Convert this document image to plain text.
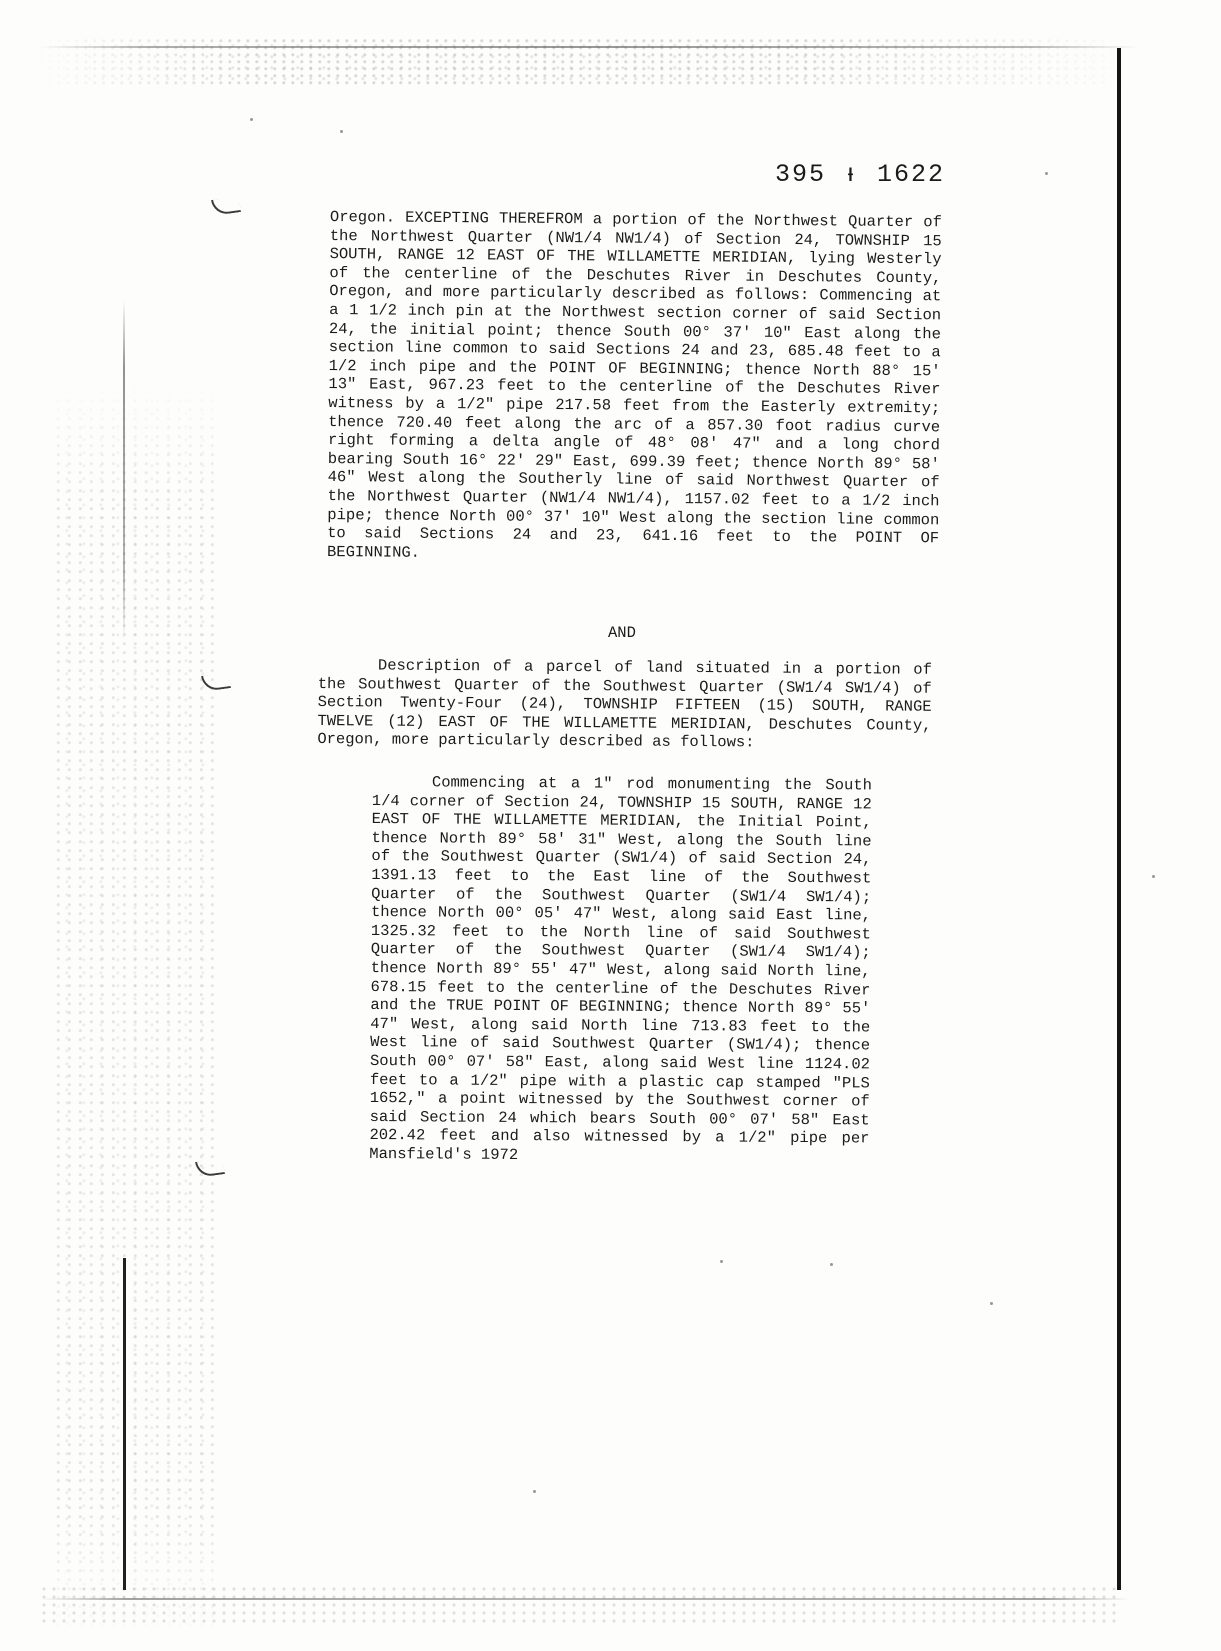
395 ᵼ 1622

Oregon. EXCEPTING THEREFROM a portion of the Northwest Quarter of the Northwest Quarter (NW1/4 NW1/4) of Section 24, TOWNSHIP 15 SOUTH, RANGE 12 EAST OF THE WILLAMETTE MERIDIAN, lying Westerly of the centerline of the Deschutes River in Deschutes County, Oregon, and more particularly described as follows: Commencing at a 1 1/2 inch pin at the Northwest section corner of said Section 24, the initial point; thence South 00° 37' 10" East along the section line common to said Sections 24 and 23, 685.48 feet to a 1/2 inch pipe and the POINT OF BEGINNING; thence North 88° 15' 13" East, 967.23 feet to the centerline of the Deschutes River witness by a 1/2" pipe 217.58 feet from the Easterly extremity; thence 720.40 feet along the arc of a 857.30 foot radius curve right forming a delta angle of 48° 08' 47" and a long chord bearing South 16° 22' 29" East, 699.39 feet; thence North 89° 58' 46" West along the Southerly line of said Northwest Quarter of the Northwest Quarter (NW1/4 NW1/4), 1157.02 feet to a 1/2 inch pipe; thence North 00° 37' 10" West along the section line common to said Sections 24 and 23, 641.16 feet to the POINT OF BEGINNING.

AND

Description of a parcel of land situated in a portion of the Southwest Quarter of the Southwest Quarter (SW1/4 SW1/4) of Section Twenty-Four (24), TOWNSHIP FIFTEEN (15) SOUTH, RANGE TWELVE (12) EAST OF THE WILLAMETTE MERIDIAN, Deschutes County, Oregon, more particularly described as follows:

Commencing at a 1" rod monumenting the South 1/4 corner of Section 24, TOWNSHIP 15 SOUTH, RANGE 12 EAST OF THE WILLAMETTE MERIDIAN, the Initial Point, thence North 89° 58' 31" West, along the South line of the Southwest Quarter (SW1/4) of said Section 24, 1391.13 feet to the East line of the Southwest Quarter of the Southwest Quarter (SW1/4 SW1/4); thence North 00° 05' 47" West, along said East line, 1325.32 feet to the North line of said Southwest Quarter of the Southwest Quarter (SW1/4 SW1/4); thence North 89° 55' 47" West, along said North line, 678.15 feet to the centerline of the Deschutes River and the TRUE POINT OF BEGINNING; thence North 89° 55' 47" West, along said North line 713.83 feet to the West line of said Southwest Quarter (SW1/4); thence South 00° 07' 58" East, along said West line 1124.02 feet to a 1/2" pipe with a plastic cap stamped "PLS 1652," a point witnessed by the Southwest corner of said Section 24 which bears South 00° 07' 58" East 202.42 feet and also witnessed by a 1/2" pipe per Mansfield's 1972
